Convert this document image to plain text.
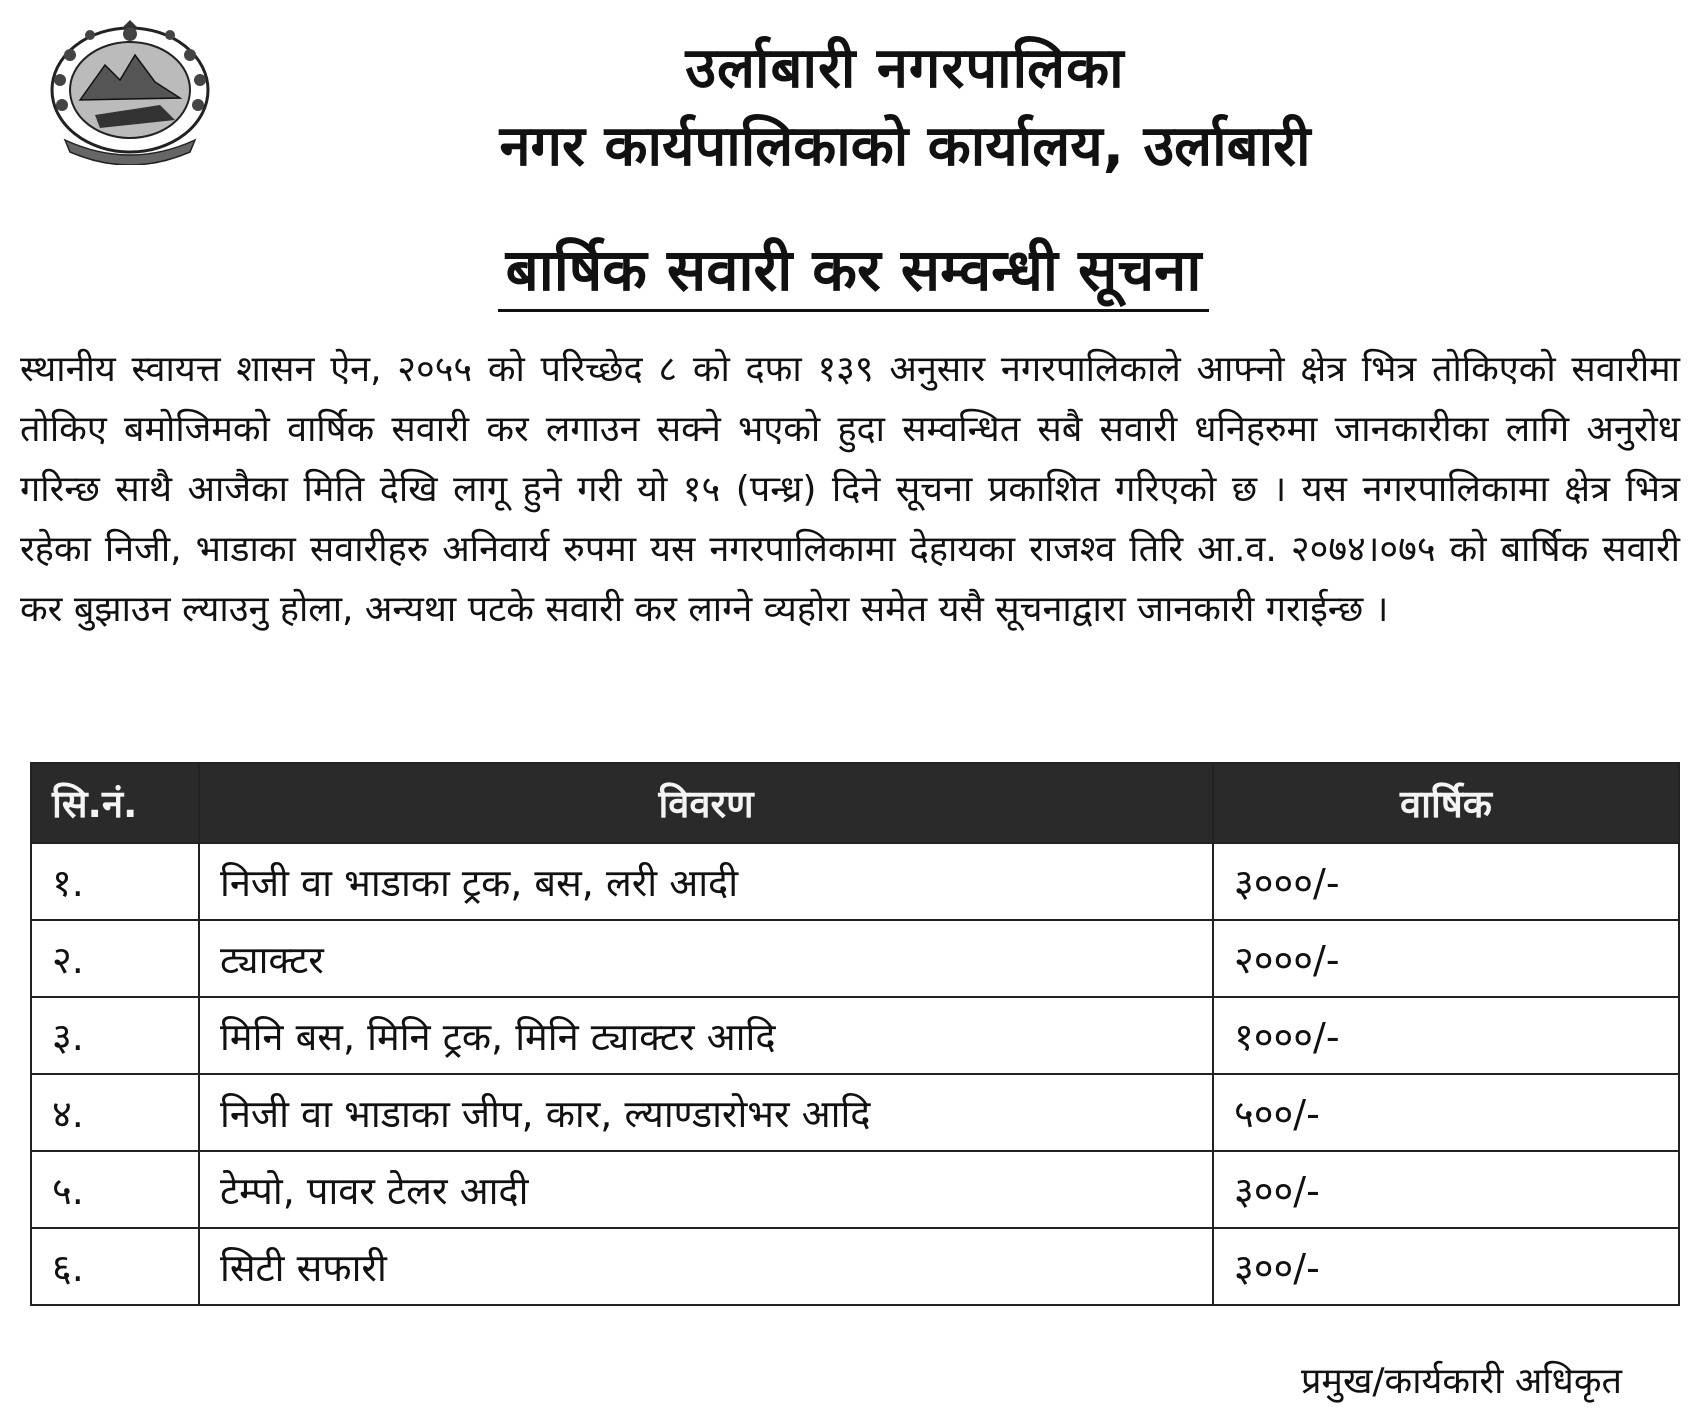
उर्लाबारी नगरपालिका
नगर कार्यपालिकाको कार्यालय, उर्लाबारी
बार्षिक सवारी कर सम्वन्धी सूचना
स्थानीय स्वायत्त शासन ऐन, २०५५ को परिच्छेद ८ को दफा १३९ अनुसार नगरपालिकाले आफ्नो क्षेत्र भित्र तोकिएको सवारीमा तोकिए बमोजिमको वार्षिक सवारी कर लगाउन सक्ने भएको हुदा सम्वन्धित सबै सवारी धनिहरुमा जानकारीका लागि अनुरोध गरिन्छ साथै आजैका मिति देखि लागू हुने गरी यो १५ (पन्ध्र) दिने सूचना प्रकाशित गरिएको छ । यस नगरपालिकामा क्षेत्र भित्र रहेका निजी, भाडाका सवारीहरु अनिवार्य रुपमा यस नगरपालिकामा देहायका राजश्व तिरि आ.व. २०७४।०७५ को बार्षिक सवारी कर बुझाउन ल्याउनु होला, अन्यथा पटके सवारी कर लाग्ने व्यहोरा समेत यसै सूचनाद्वारा जानकारी गराईन्छ ।
सि.नं.	विवरण	वार्षिक
१.	निजी वा भाडाका ट्रक, बस, लरी आदी	३०००/-
२.	ट्याक्टर	२०००/-
३.	मिनि बस, मिनि ट्रक, मिनि ट्याक्टर आदि	१०००/-
४.	निजी वा भाडाका जीप, कार, ल्याण्डारोभर आदि	५००/-
५.	टेम्पो, पावर टेलर आदी	३००/-
६.	सिटी सफारी	३००/-
प्रमुख/कार्यकारी अधिकृत
